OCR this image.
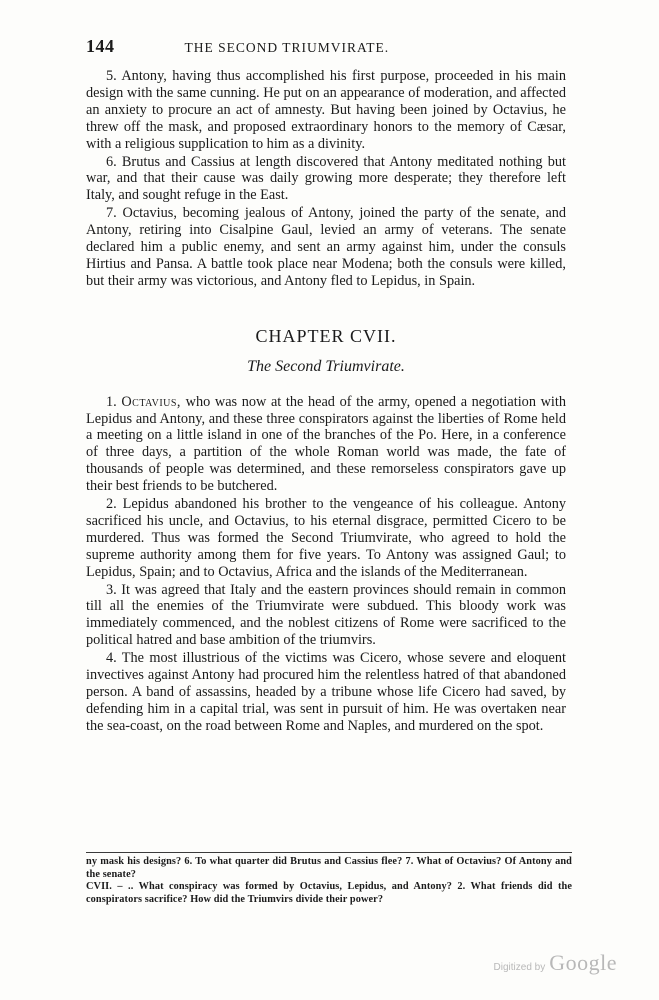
144	THE SECOND TRIUMVIRATE.

5. Antony, having thus accomplished his first purpose, proceeded in his main design with the same cunning. He put on an appearance of moderation, and affected an anxiety to procure an act of amnesty. But having been joined by Octavius, he threw off the mask, and proposed extraordinary honors to the memory of Cæsar, with a religious supplication to him as a divinity.

6. Brutus and Cassius at length discovered that Antony meditated nothing but war, and that their cause was daily growing more desperate; they therefore left Italy, and sought refuge in the East.

7. Octavius, becoming jealous of Antony, joined the party of the senate, and Antony, retiring into Cisalpine Gaul, levied an army of veterans. The senate declared him a public enemy, and sent an army against him, under the consuls Hirtius and Pansa. A battle took place near Modena; both the consuls were killed, but their army was victorious, and Antony fled to Lepidus, in Spain.

CHAPTER CVII.
The Second Triumvirate.

1. Octavius, who was now at the head of the army, opened a negotiation with Lepidus and Antony, and these three conspirators against the liberties of Rome held a meeting on a little island in one of the branches of the Po. Here, in a conference of three days, a partition of the whole Roman world was made, the fate of thousands of people was determined, and these remorseless conspirators gave up their best friends to be butchered.

2. Lepidus abandoned his brother to the vengeance of his colleague. Antony sacrificed his uncle, and Octavius, to his eternal disgrace, permitted Cicero to be murdered. Thus was formed the Second Triumvirate, who agreed to hold the supreme authority among them for five years. To Antony was assigned Gaul; to Lepidus, Spain; and to Octavius, Africa and the islands of the Mediterranean.

3. It was agreed that Italy and the eastern provinces should remain in common till all the enemies of the Triumvirate were subdued. This bloody work was immediately commenced, and the noblest citizens of Rome were sacrificed to the political hatred and base ambition of the triumvirs.

4. The most illustrious of the victims was Cicero, whose severe and eloquent invectives against Antony had procured him the relentless hatred of that abandoned person. A band of assassins, headed by a tribune whose life Cicero had saved, by defending him in a capital trial, was sent in pursuit of him. He was overtaken near the sea-coast, on the road between Rome and Naples, and murdered on the spot.

ny mask his designs? 6. To what quarter did Brutus and Cassius flee? 7. What of Octavius? Of Antony and the senate?

CVII. – .. What conspiracy was formed by Octavius, Lepidus, and Antony? 2. What friends did the conspirators sacrifice? How did the Triumvirs divide their power?

Digitized by Google
